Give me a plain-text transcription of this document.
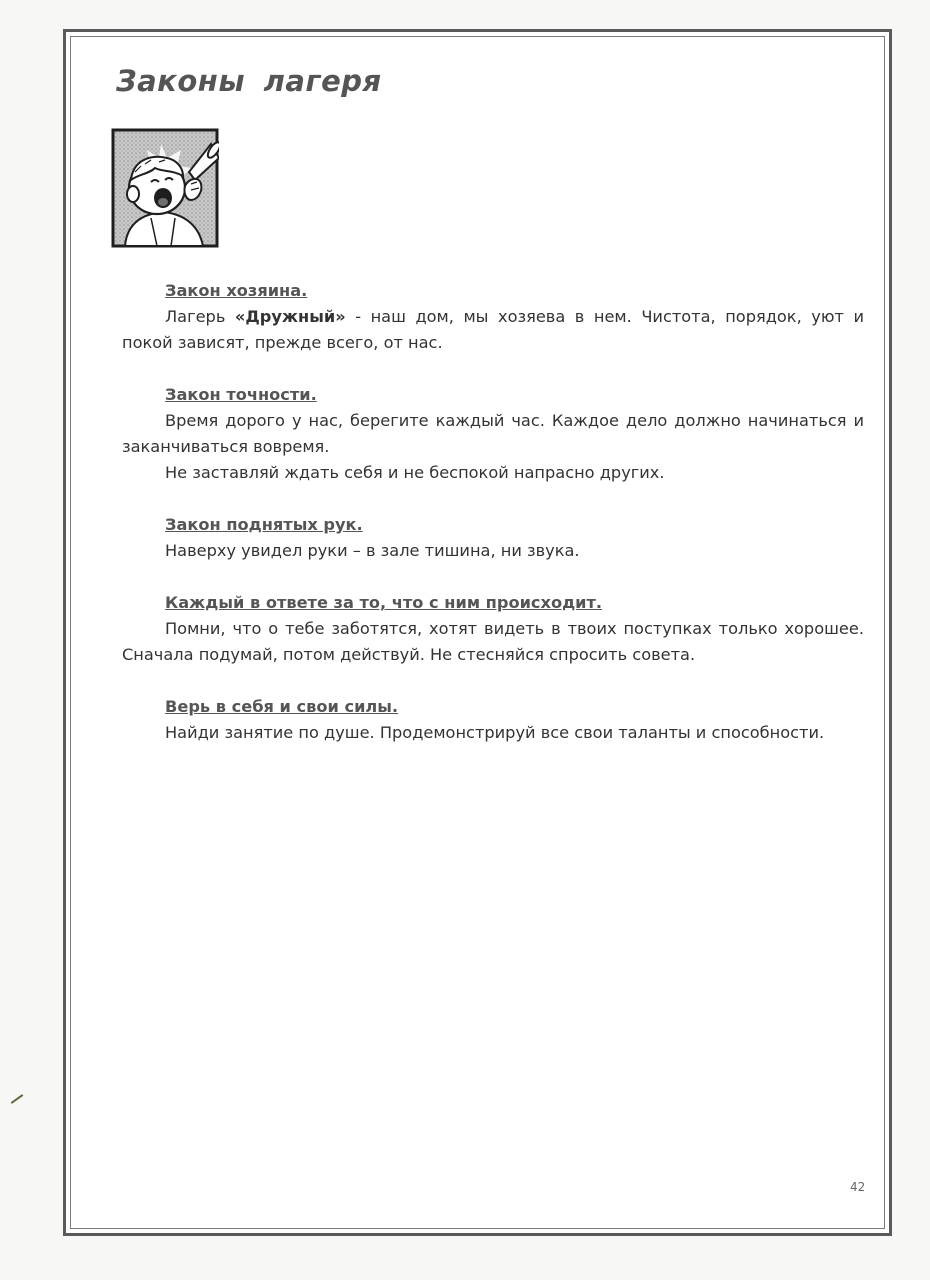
Законы лагеря
Закон хозяина.

Лагерь «Дружный» - наш дом, мы хозяева в нем. Чистота, порядок, уют и покой зависят, прежде всего, от нас.

Закон точности.

Время дорого у нас, берегите каждый час. Каждое дело должно начинаться и заканчиваться вовремя.

Не заставляй ждать себя и не беспокой напрасно других.

Закон поднятых рук.

Наверху увидел руки – в зале тишина, ни звука.

Каждый в ответе за то, что с ним происходит.

Помни, что о тебе заботятся, хотят видеть в твоих поступках только хорошее. Сначала подумай, потом действуй. Не стесняйся спросить совета.

Верь в себя и свои силы.

Найди занятие по душе. Продемонстрируй все свои таланты и способности.

42
